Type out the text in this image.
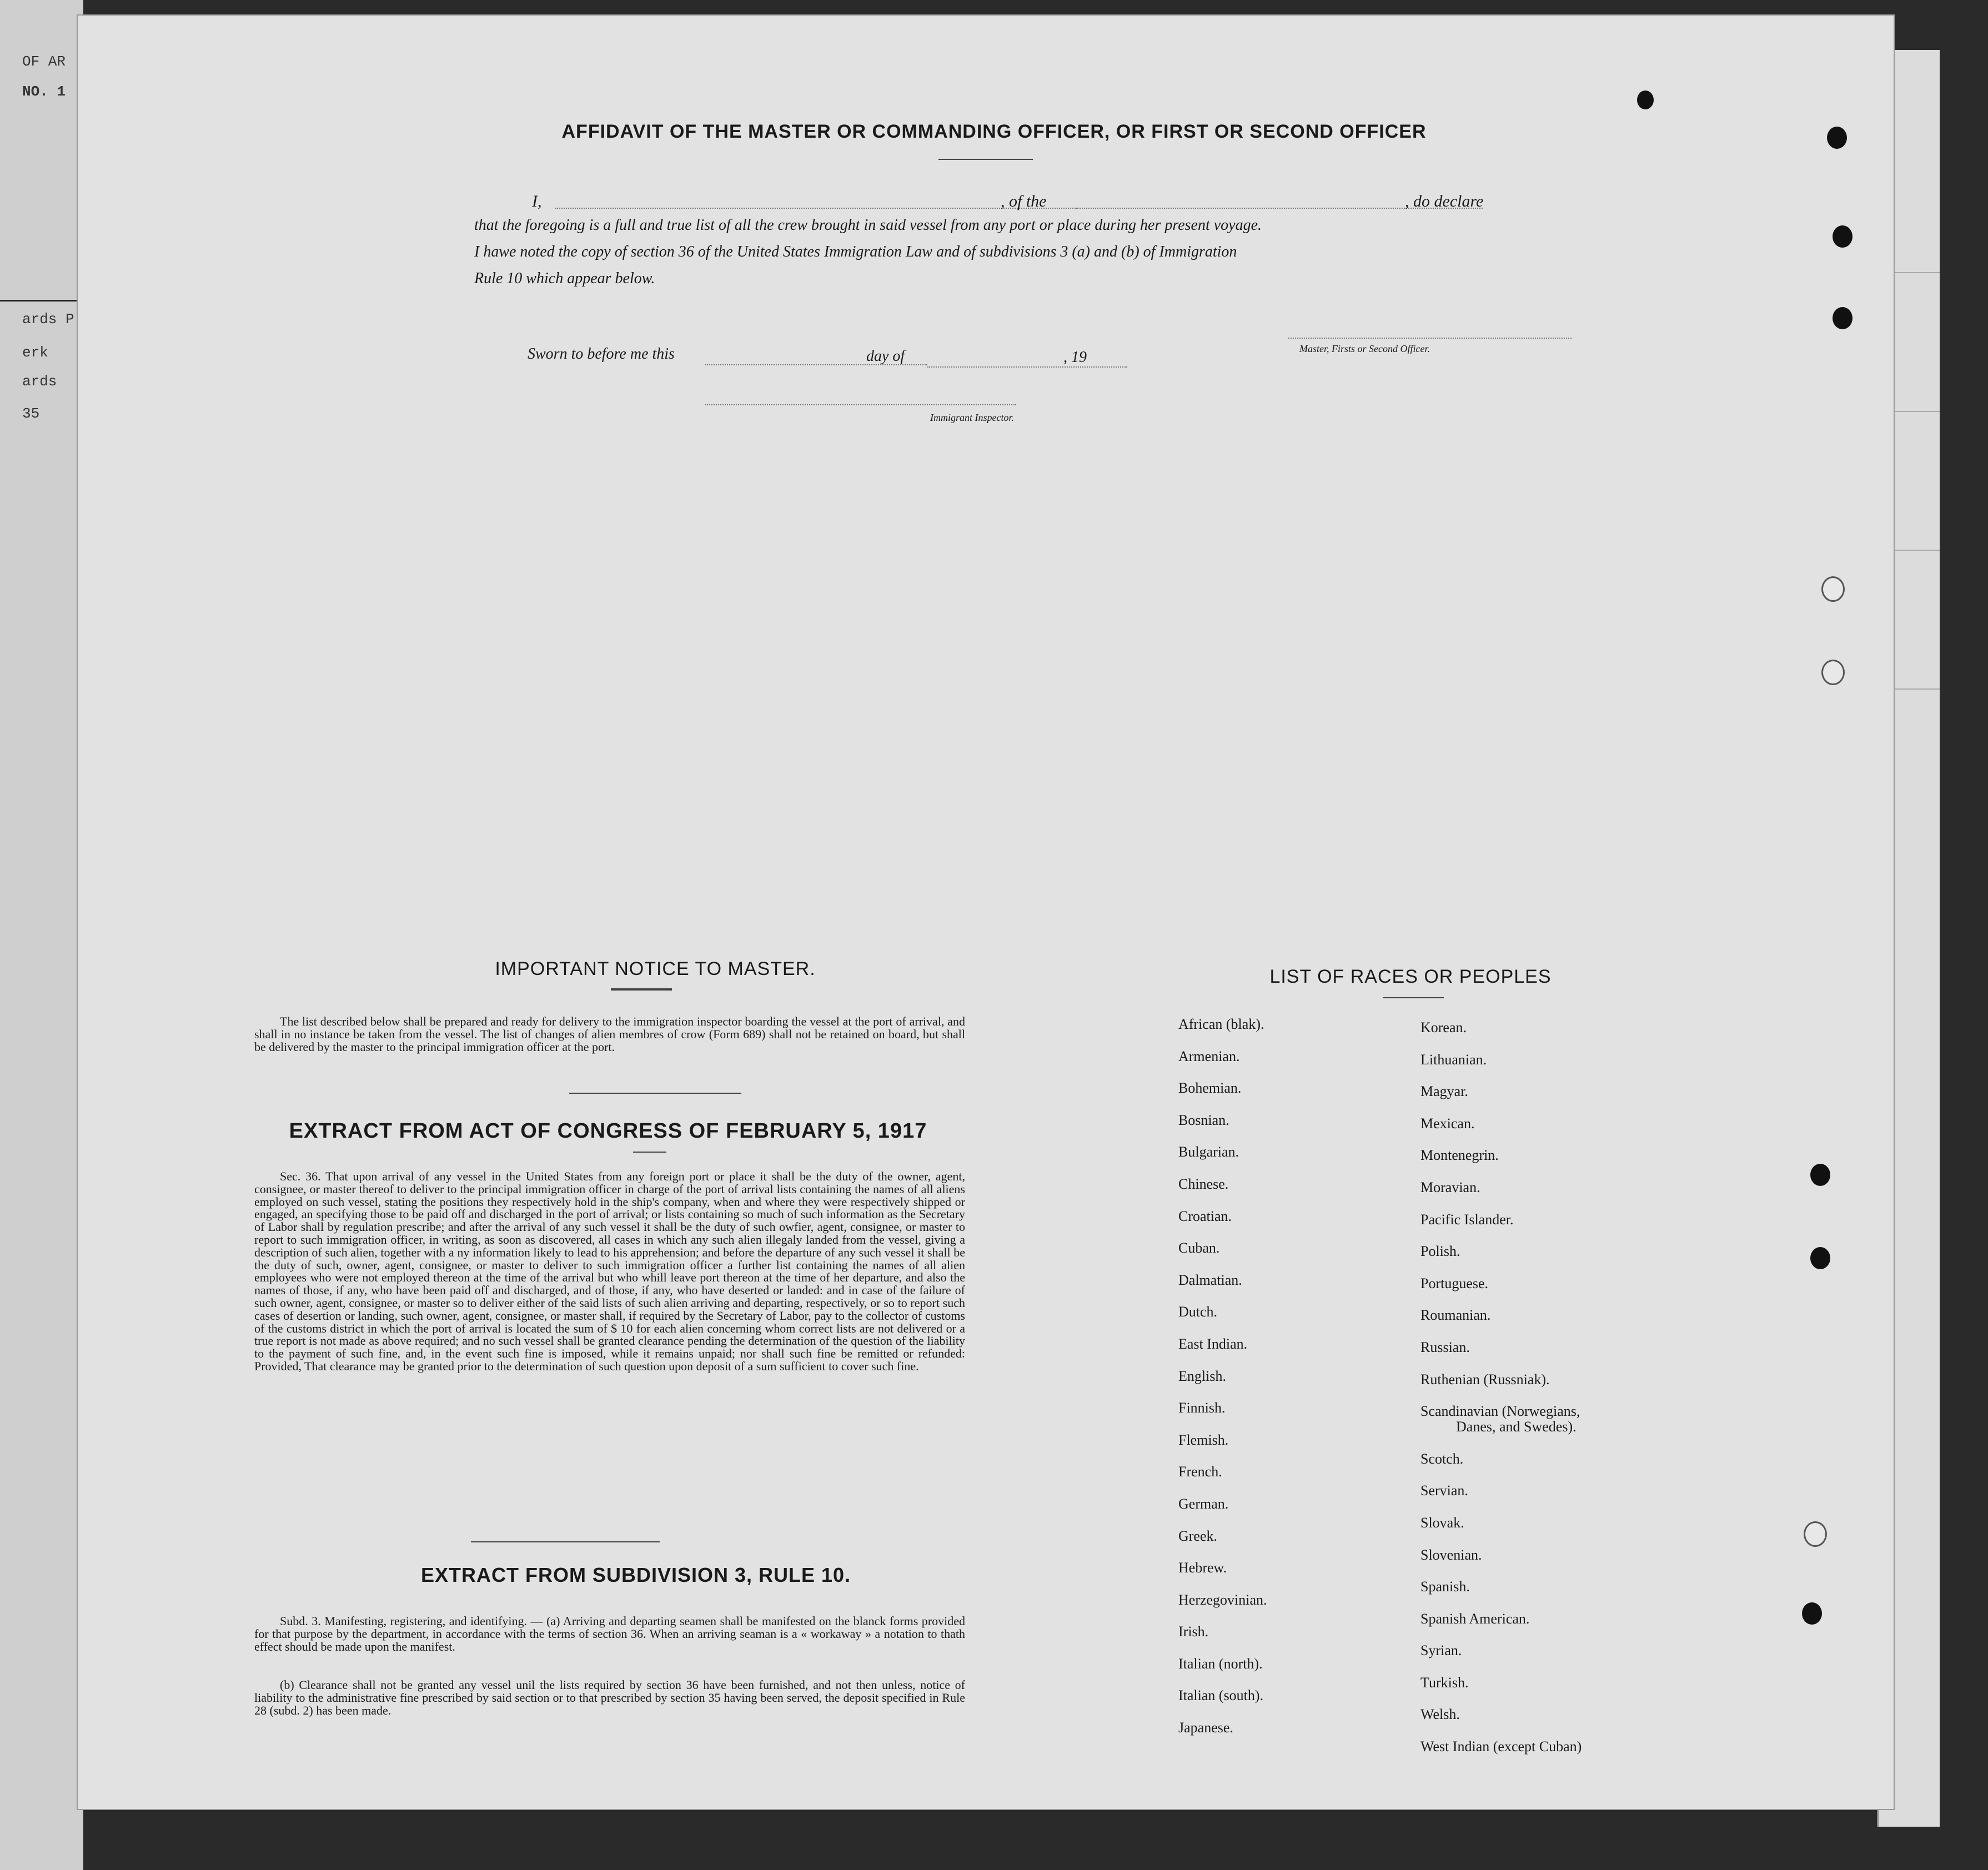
OF AR
NO. 1
ards P
erk
ards
35
AFFIDAVIT OF THE MASTER OR COMMANDING OFFICER, OR FIRST OR SECOND OFFICER
I,	, of the	, do declare
that the foregoing is a full and true list of all the crew brought in said vessel from any port or place during her present voyage.
I hawe noted the copy of section 36 of the United States Immigration Law and of subdivisions 3 (a) and (b) of Immigration
Rule 10 which appear below.
Master, Firsts or Second Officer.
Sworn to before me this	day of	, 19
Immigrant Inspector.
IMPORTANT NOTICE TO MASTER.
The list described below shall be prepared and ready for delivery to the immigration inspector boarding the vessel at the port of arrival, and shall in no instance be taken from the vessel. The list of changes of alien membres of crow (Form 689) shall not be retained on board, but shall be delivered by the master to the principal immigration officer at the port.
EXTRACT FROM ACT OF CONGRESS OF FEBRUARY 5, 1917
Sec. 36. That upon arrival of any vessel in the United States from any foreign port or place it shall be the duty of the owner, agent, consignee, or master thereof to deliver to the principal immigration officer in charge of the port of arrival lists containing the names of all aliens employed on such vessel, stating the positions they respectively hold in the ship's company, when and where they were respectively shipped or engaged, an specifying those to be paid off and discharged in the port of arrival; or lists containing so much of such information as the Secretary of Labor shall by regulation prescribe; and after the arrival of any such vessel it shall be the duty of such owfier, agent, consignee, or master to report to such immigration officer, in writing, as soon as discovered, all cases in which any such alien illegaly landed from the vessel, giving a description of such alien, together with a ny information likely to lead to his apprehension; and before the departure of any such vessel it shall be the duty of such, owner, agent, consignee, or master to deliver to such immigration officer a further list containing the names of all alien employees who were not employed thereon at the time of the arrival but who whill leave port thereon at the time of her departure, and also the names of those, if any, who have been paid off and discharged, and of those, if any, who have deserted or landed: and in case of the failure of such owner, agent, consignee, or master so to deliver either of the said lists of such alien arriving and departing, respectively, or so to report such cases of desertion or landing, such owner, agent, consignee, or master shall, if required by the Secretary of Labor, pay to the collector of customs of the customs district in which the port of arrival is located the sum of $ 10 for each alien concerning whom correct lists are not delivered or a true report is not made as above required; and no such vessel shall be granted clearance pending the determination of the question of the liability to the payment of such fine, and, in the event such fine is imposed, while it remains unpaid; nor shall such fine be remitted or refunded: Provided, That clearance may be granted prior to the determination of such question upon deposit of a sum sufficient to cover such fine.
EXTRACT FROM SUBDIVISION 3, RULE 10.
Subd. 3. Manifesting, registering, and identifying. — (a) Arriving and departing seamen shall be manifested on the blanck forms provided for that purpose by the department, in accordance with the terms of section 36. When an arriving seaman is a « workaway » a notation to thath effect should be made upon the manifest.
(b) Clearance shall not be granted any vessel unil the lists required by section 36 have been furnished, and not then unless, notice of liability to the administrative fine prescribed by said section or to that prescribed by section 35 having been served, the deposit specified in Rule 28 (subd. 2) has been made.
LIST OF RACES OR PEOPLES
African (blak).
Armenian.
Bohemian.
Bosnian.
Bulgarian.
Chinese.
Croatian.
Cuban.
Dalmatian.
Dutch.
East Indian.
English.
Finnish.
Flemish.
French.
German.
Greek.
Hebrew.
Herzegovinian.
Irish.
Italian (north).
Italian (south).
Japanese.
Korean.
Lithuanian.
Magyar.
Mexican.
Montenegrin.
Moravian.
Pacific Islander.
Polish.
Portuguese.
Roumanian.
Russian.
Ruthenian (Russniak).
Scandinavian (Norwegians,
Danes, and Swedes).
Scotch.
Servian.
Slovak.
Slovenian.
Spanish.
Spanish American.
Syrian.
Turkish.
Welsh.
West Indian (except Cuban)
